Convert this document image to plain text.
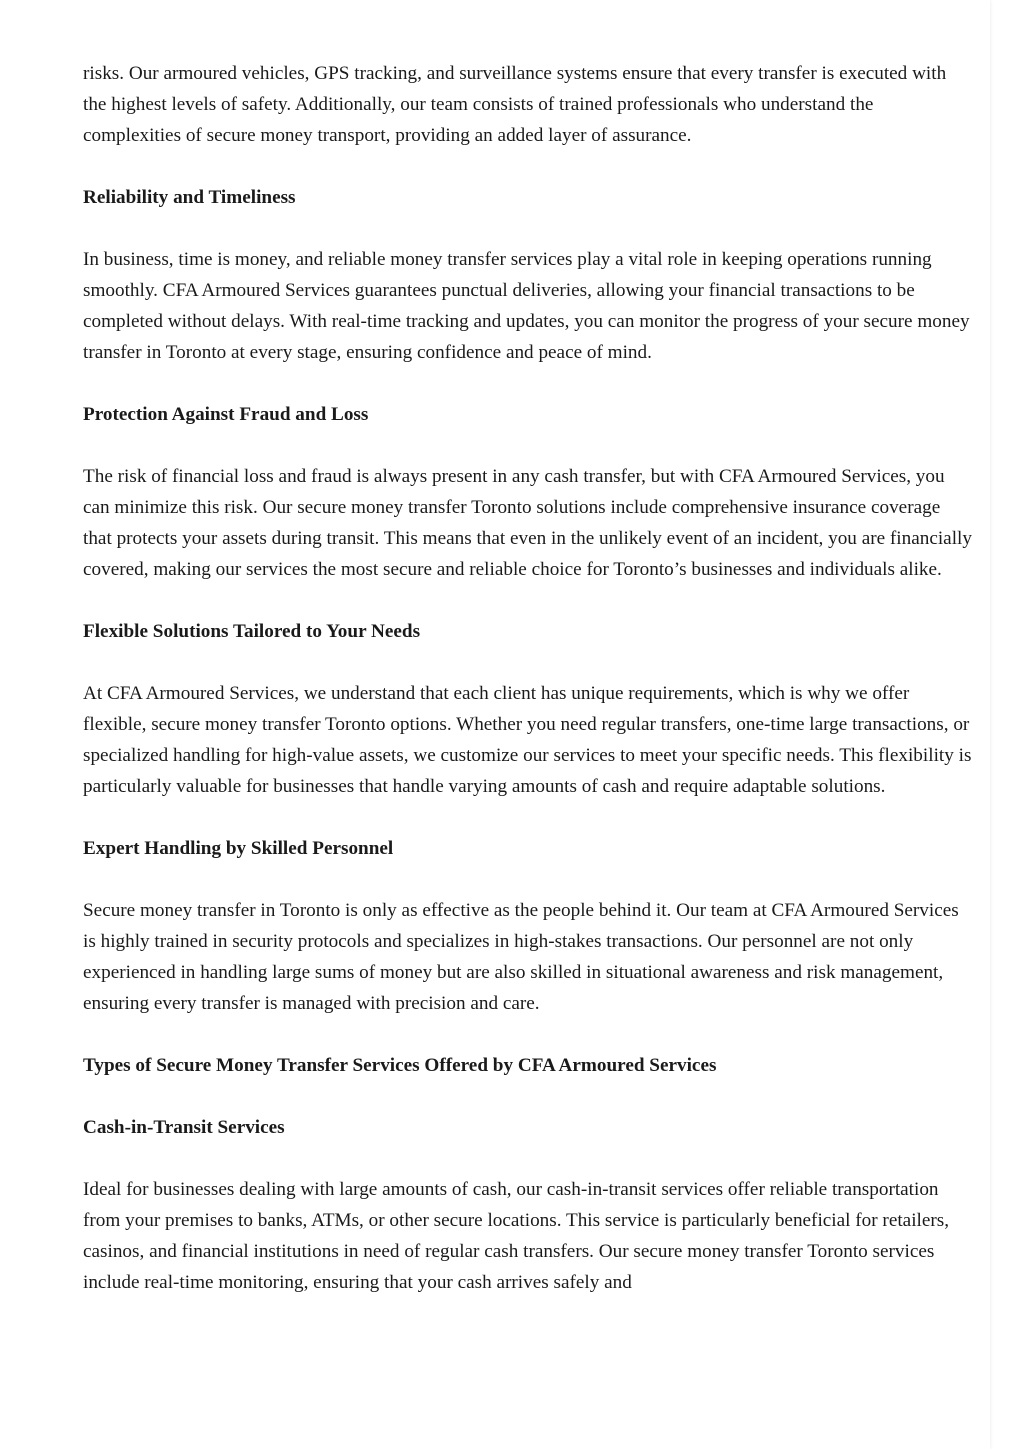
risks. Our armoured vehicles, GPS tracking, and surveillance systems ensure that every transfer is executed with the highest levels of safety. Additionally, our team consists of trained professionals who understand the complexities of secure money transport, providing an added layer of assurance.

Reliability and Timeliness

In business, time is money, and reliable money transfer services play a vital role in keeping operations running smoothly. CFA Armoured Services guarantees punctual deliveries, allowing your financial transactions to be completed without delays. With real-time tracking and updates, you can monitor the progress of your secure money transfer in Toronto at every stage, ensuring confidence and peace of mind.

Protection Against Fraud and Loss

The risk of financial loss and fraud is always present in any cash transfer, but with CFA Armoured Services, you can minimize this risk. Our secure money transfer Toronto solutions include comprehensive insurance coverage that protects your assets during transit. This means that even in the unlikely event of an incident, you are financially covered, making our services the most secure and reliable choice for Toronto’s businesses and individuals alike.

Flexible Solutions Tailored to Your Needs

At CFA Armoured Services, we understand that each client has unique requirements, which is why we offer flexible, secure money transfer Toronto options. Whether you need regular transfers, one-time large transactions, or specialized handling for high-value assets, we customize our services to meet your specific needs. This flexibility is particularly valuable for businesses that handle varying amounts of cash and require adaptable solutions.

Expert Handling by Skilled Personnel

Secure money transfer in Toronto is only as effective as the people behind it. Our team at CFA Armoured Services is highly trained in security protocols and specializes in high-stakes transactions. Our personnel are not only experienced in handling large sums of money but are also skilled in situational awareness and risk management, ensuring every transfer is managed with precision and care.

Types of Secure Money Transfer Services Offered by CFA Armoured Services

Cash-in-Transit Services

Ideal for businesses dealing with large amounts of cash, our cash-in-transit services offer reliable transportation from your premises to banks, ATMs, or other secure locations. This service is particularly beneficial for retailers, casinos, and financial institutions in need of regular cash transfers. Our secure money transfer Toronto services include real-time monitoring, ensuring that your cash arrives safely and
